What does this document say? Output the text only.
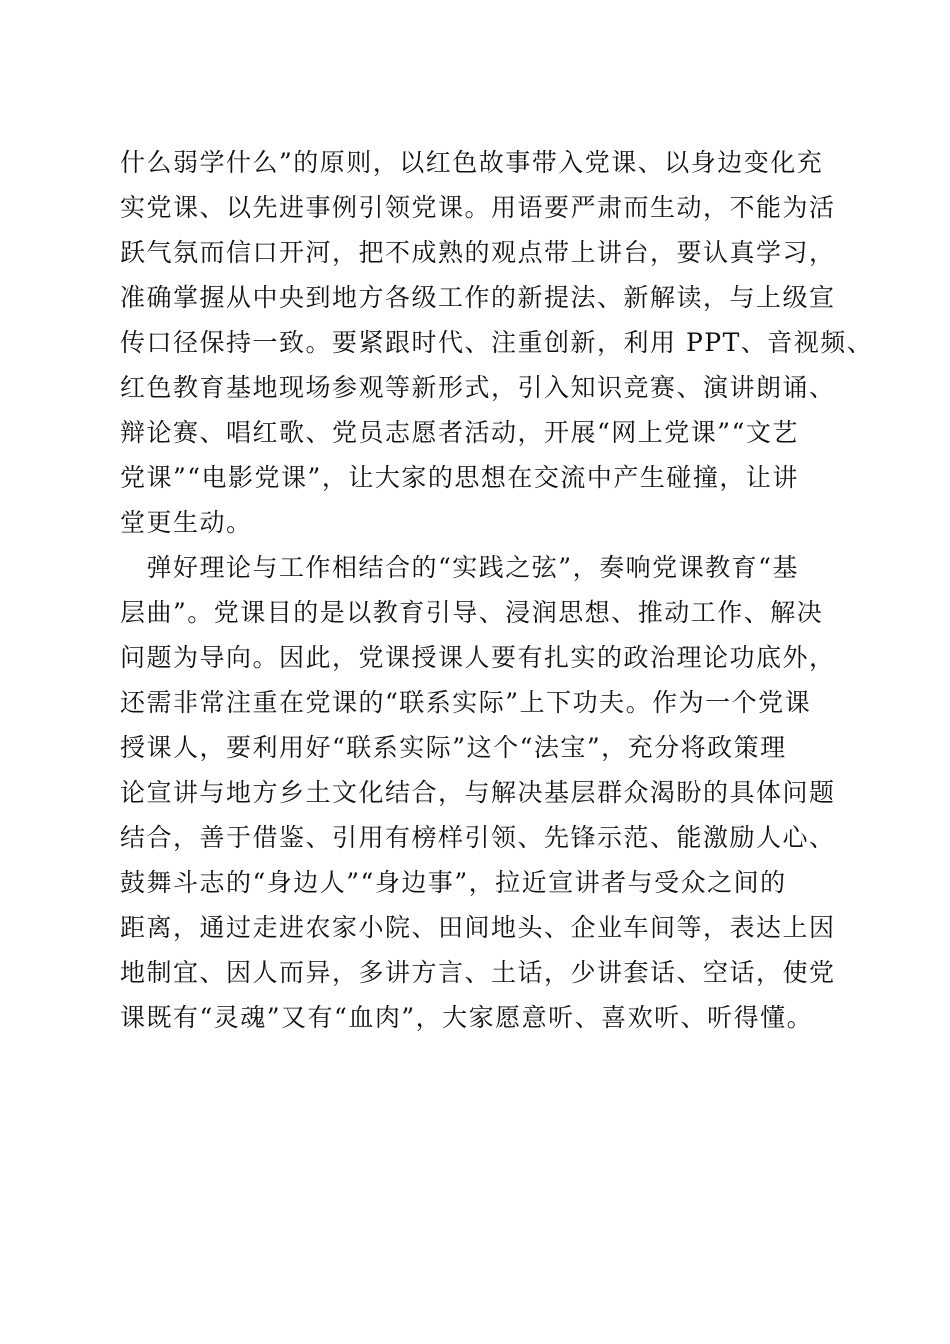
什么弱学什么”的原则，以红色故事带入党课、以身边变化充
实党课、以先进事例引领党课。用语要严肃而生动，不能为活
跃气氛而信口开河，把不成熟的观点带上讲台，要认真学习，
准确掌握从中央到地方各级工作的新提法、新解读，与上级宣
传口径保持一致。要紧跟时代、注重创新，利用 PPT、音视频、
红色教育基地现场参观等新形式，引入知识竞赛、演讲朗诵、
辩论赛、唱红歌、党员志愿者活动，开展“网上党课”“文艺
党课”“电影党课”，让大家的思想在交流中产生碰撞，让讲
堂更生动。
　弹好理论与工作相结合的“实践之弦”，奏响党课教育“基
层曲”。党课目的是以教育引导、浸润思想、推动工作、解决
问题为导向。因此，党课授课人要有扎实的政治理论功底外，
还需非常注重在党课的“联系实际”上下功夫。作为一个党课
授课人，要利用好“联系实际”这个“法宝”，充分将政策理
论宣讲与地方乡土文化结合，与解决基层群众渴盼的具体问题
结合，善于借鉴、引用有榜样引领、先锋示范、能激励人心、
鼓舞斗志的“身边人”“身边事”，拉近宣讲者与受众之间的
距离，通过走进农家小院、田间地头、企业车间等，表达上因
地制宜、因人而异，多讲方言、土话，少讲套话、空话，使党
课既有“灵魂”又有“血肉”，大家愿意听、喜欢听、听得懂。
